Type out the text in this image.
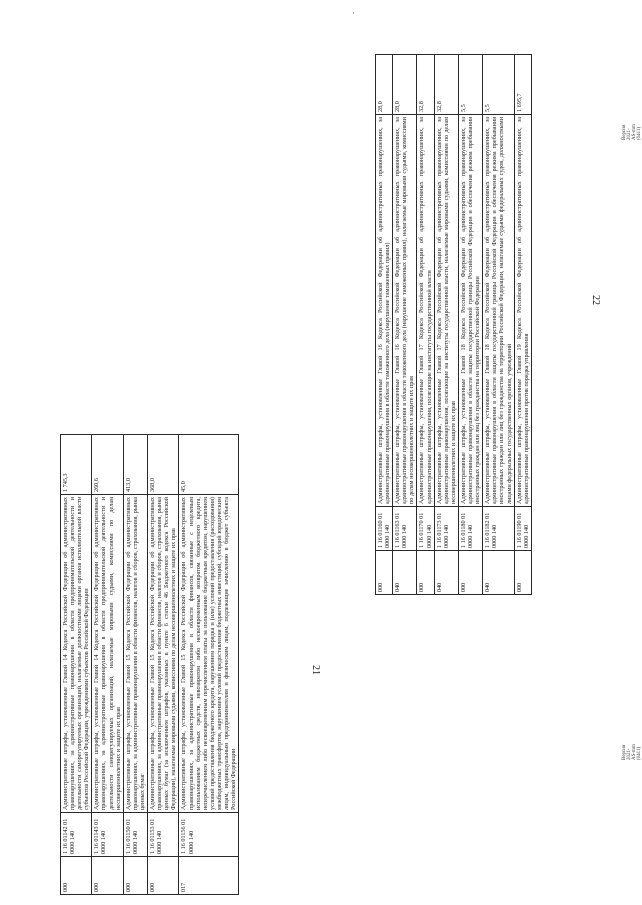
·
000	1 16 01142 01 0000 140	Административные штрафы, установленные Главой 14 Кодекса Российской Федерации об административных правонарушениях, за административные правонарушения в области предпринимательской деятельности и деятельности саморегулируемых организаций, налагаемые должностными лицами органов исполнительной власти субъектов Российской Федерации, учреждениями субъектов Российской Федерации	1 745,3
000	1 16 01143 01 0000 140	Административные штрафы, установленные Главой 14 Кодекса Российской Федерации об административных правонарушениях, за административные правонарушения в области предпринимательской деятельности и деятельности саморегулируемых организаций, налагаемые мировыми судьями, комиссиями по делам несовершеннолетних и защите их прав	260,6
000	1 16 01150 01 0000 140	Административные штрафы, установленные Главой 15 Кодекса Российской Федерации об административных правонарушениях, за административные правонарушения в области финансов, налогов и сборов, страхования, рынка ценных бумаг	413,0
000	1 16 01153 01 0000 140	Административные штрафы, установленные Главой 15 Кодекса Российской Федерации об административных правонарушениях, за административные правонарушения в области финансов, налогов и сборов, страхования, рынка ценных бумаг (за исключением штрафов, указанных в пункте 6 статьи 46 Бюджетного кодекса Российской Федерации), налагаемые мировыми судьями, комиссиями по делам несовершеннолетних и защите их прав	368,0
017	1 16 01156 01 0000 140	Административные штрафы, установленные Главой 15 Кодекса Российской Федерации об административных правонарушениях, за административные правонарушения в области финансов, связанные с нецелевым использованием бюджетных средств, невозвратом либо несвоевременным возвратом бюджетного кредита, неперечислением либо несвоевременным перечислением платы за пользование бюджетным кредитом, нарушением условий предоставления бюджетного кредита, нарушением порядка и (или) условий предоставления (расходования) межбюджетных трансфертов, нарушением условий предоставления бюджетных инвестиций, субсидий юридическим лицам, индивидуальным предпринимателям и физическим лицам, подлежащие зачислению в бюджет субъекта Российской Федерации	45,0
21
000	1 16 01160 01 0000 140	Административные штрафы, установленные Главой 16 Кодекса Российской Федерации об административных правонарушениях, за административные правонарушения в области таможенного дела (нарушение таможенных правил)	28,0
040	1 16 01163 01 0000 140	Административные штрафы, установленные Главой 16 Кодекса Российской Федерации об административных правонарушениях, за административные правонарушения в области таможенного дела (нарушение таможенных правил), налагаемые мировыми судьями, комиссиями по делам несовершеннолетних и защите их прав	28,0
000	1 16 01170 01 0000 140	Административные штрафы, установленные Главой 17 Кодекса Российской Федерации об административных правонарушениях, за административные правонарушения, посягающие на институты государственной власти	32,8
040	1 16 01173 01 0000 140	Административные штрафы, установленные Главой 17 Кодекса Российской Федерации об административных правонарушениях, за административные правонарушения, посягающие на институты государственной власти, налагаемые мировыми судьями, комиссиями по делам несовершеннолетних и защите их прав	32,8
000	1 16 01180 01 0000 140	Административные штрафы, установленные Главой 18 Кодекса Российской Федерации об административных правонарушениях, за административные правонарушения в области защиты государственной границы Российской Федерации и обеспечения режима пребывания иностранных граждан или лиц без гражданства на территории Российской Федерации	5,5
040	1 16 01182 01 0000 140	Административные штрафы, установленные Главой 18 Кодекса Российской Федерации об административных правонарушениях, за административные правонарушения в области защиты государственной границы Российской Федерации и обеспечения режима пребывания иностранных граждан или лиц без гражданства на территории Российской Федерации, налагаемые судьями федеральных судов, должностными лицами федеральных государственных органов, учреждений	5,5
000	1 16 01190 01 0000 140	Административные штрафы, установленные Главой 19 Кодекса Российской Федерации об административных правонарушениях, за административные правонарушения против порядка управления	1 695,7
22
Версия 2021-AS-mm (0411)
Версия 2021-AS-mm (0411)
